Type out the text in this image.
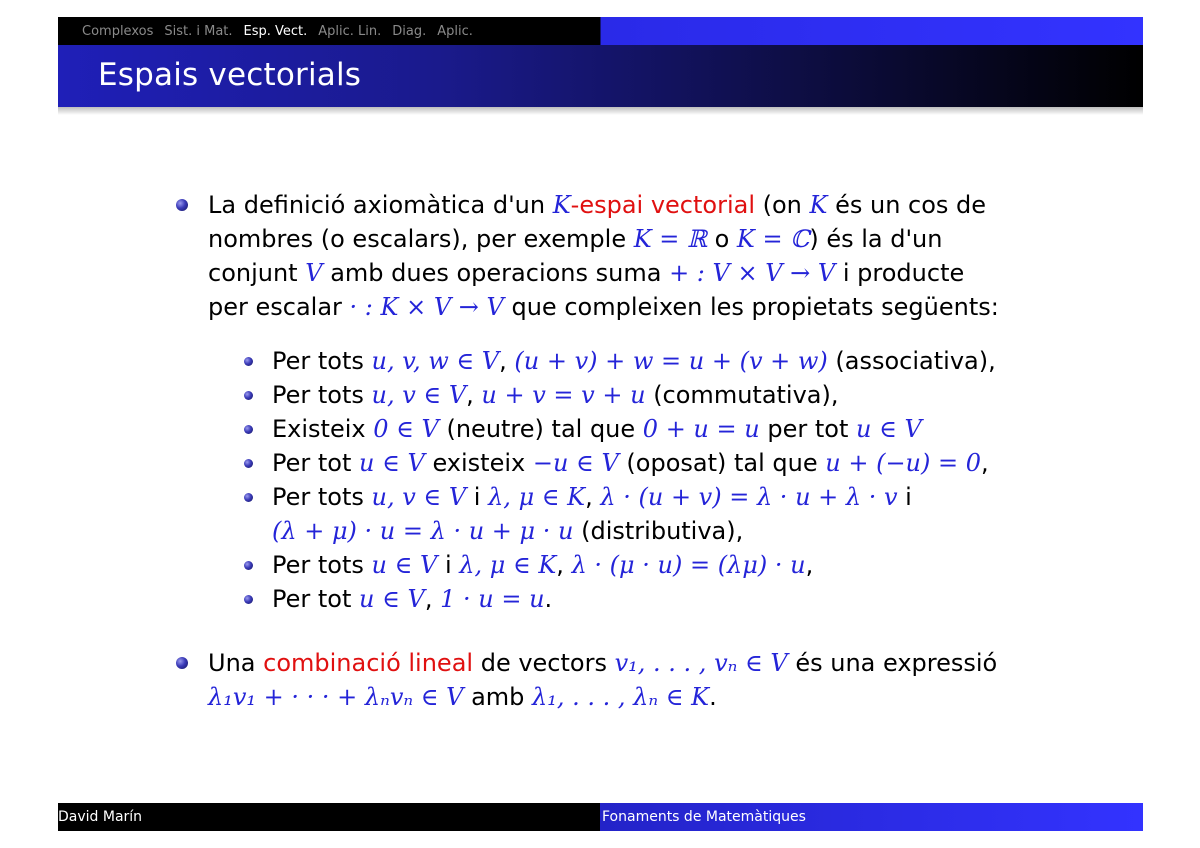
Complexos Sist. i Mat. Esp. Vect. Aplic. Lin. Diag. Aplic.
Espais vectorials
La definició axiomàtica d'un K-espai vectorial (on K és un cos de
nombres (o escalars), per exemple K = ℝ o K = ℂ) és la d'un
conjunt V amb dues operacions suma + : V × V → V i producte
per escalar · : K × V → V que compleixen les propietats següents:
Per tots u, v, w ∈ V, (u + v) + w = u + (v + w) (associativa),
Per tots u, v ∈ V, u + v = v + u (commutativa),
Existeix 0 ∈ V (neutre) tal que 0 + u = u per tot u ∈ V
Per tot u ∈ V existeix −u ∈ V (oposat) tal que u + (−u) = 0,
Per tots u, v ∈ V i λ, μ ∈ K, λ · (u + v) = λ · u + λ · v i
(λ + μ) · u = λ · u + μ · u (distributiva),
Per tots u ∈ V i λ, μ ∈ K, λ · (μ · u) = (λμ) · u,
Per tot u ∈ V, 1 · u = u.
Una combinació lineal de vectors v₁, . . . , vₙ ∈ V és una expressió
λ₁v₁ + · · · + λₙvₙ ∈ V amb λ₁, . . . , λₙ ∈ K.
David Marín	Fonaments de Matemàtiques
